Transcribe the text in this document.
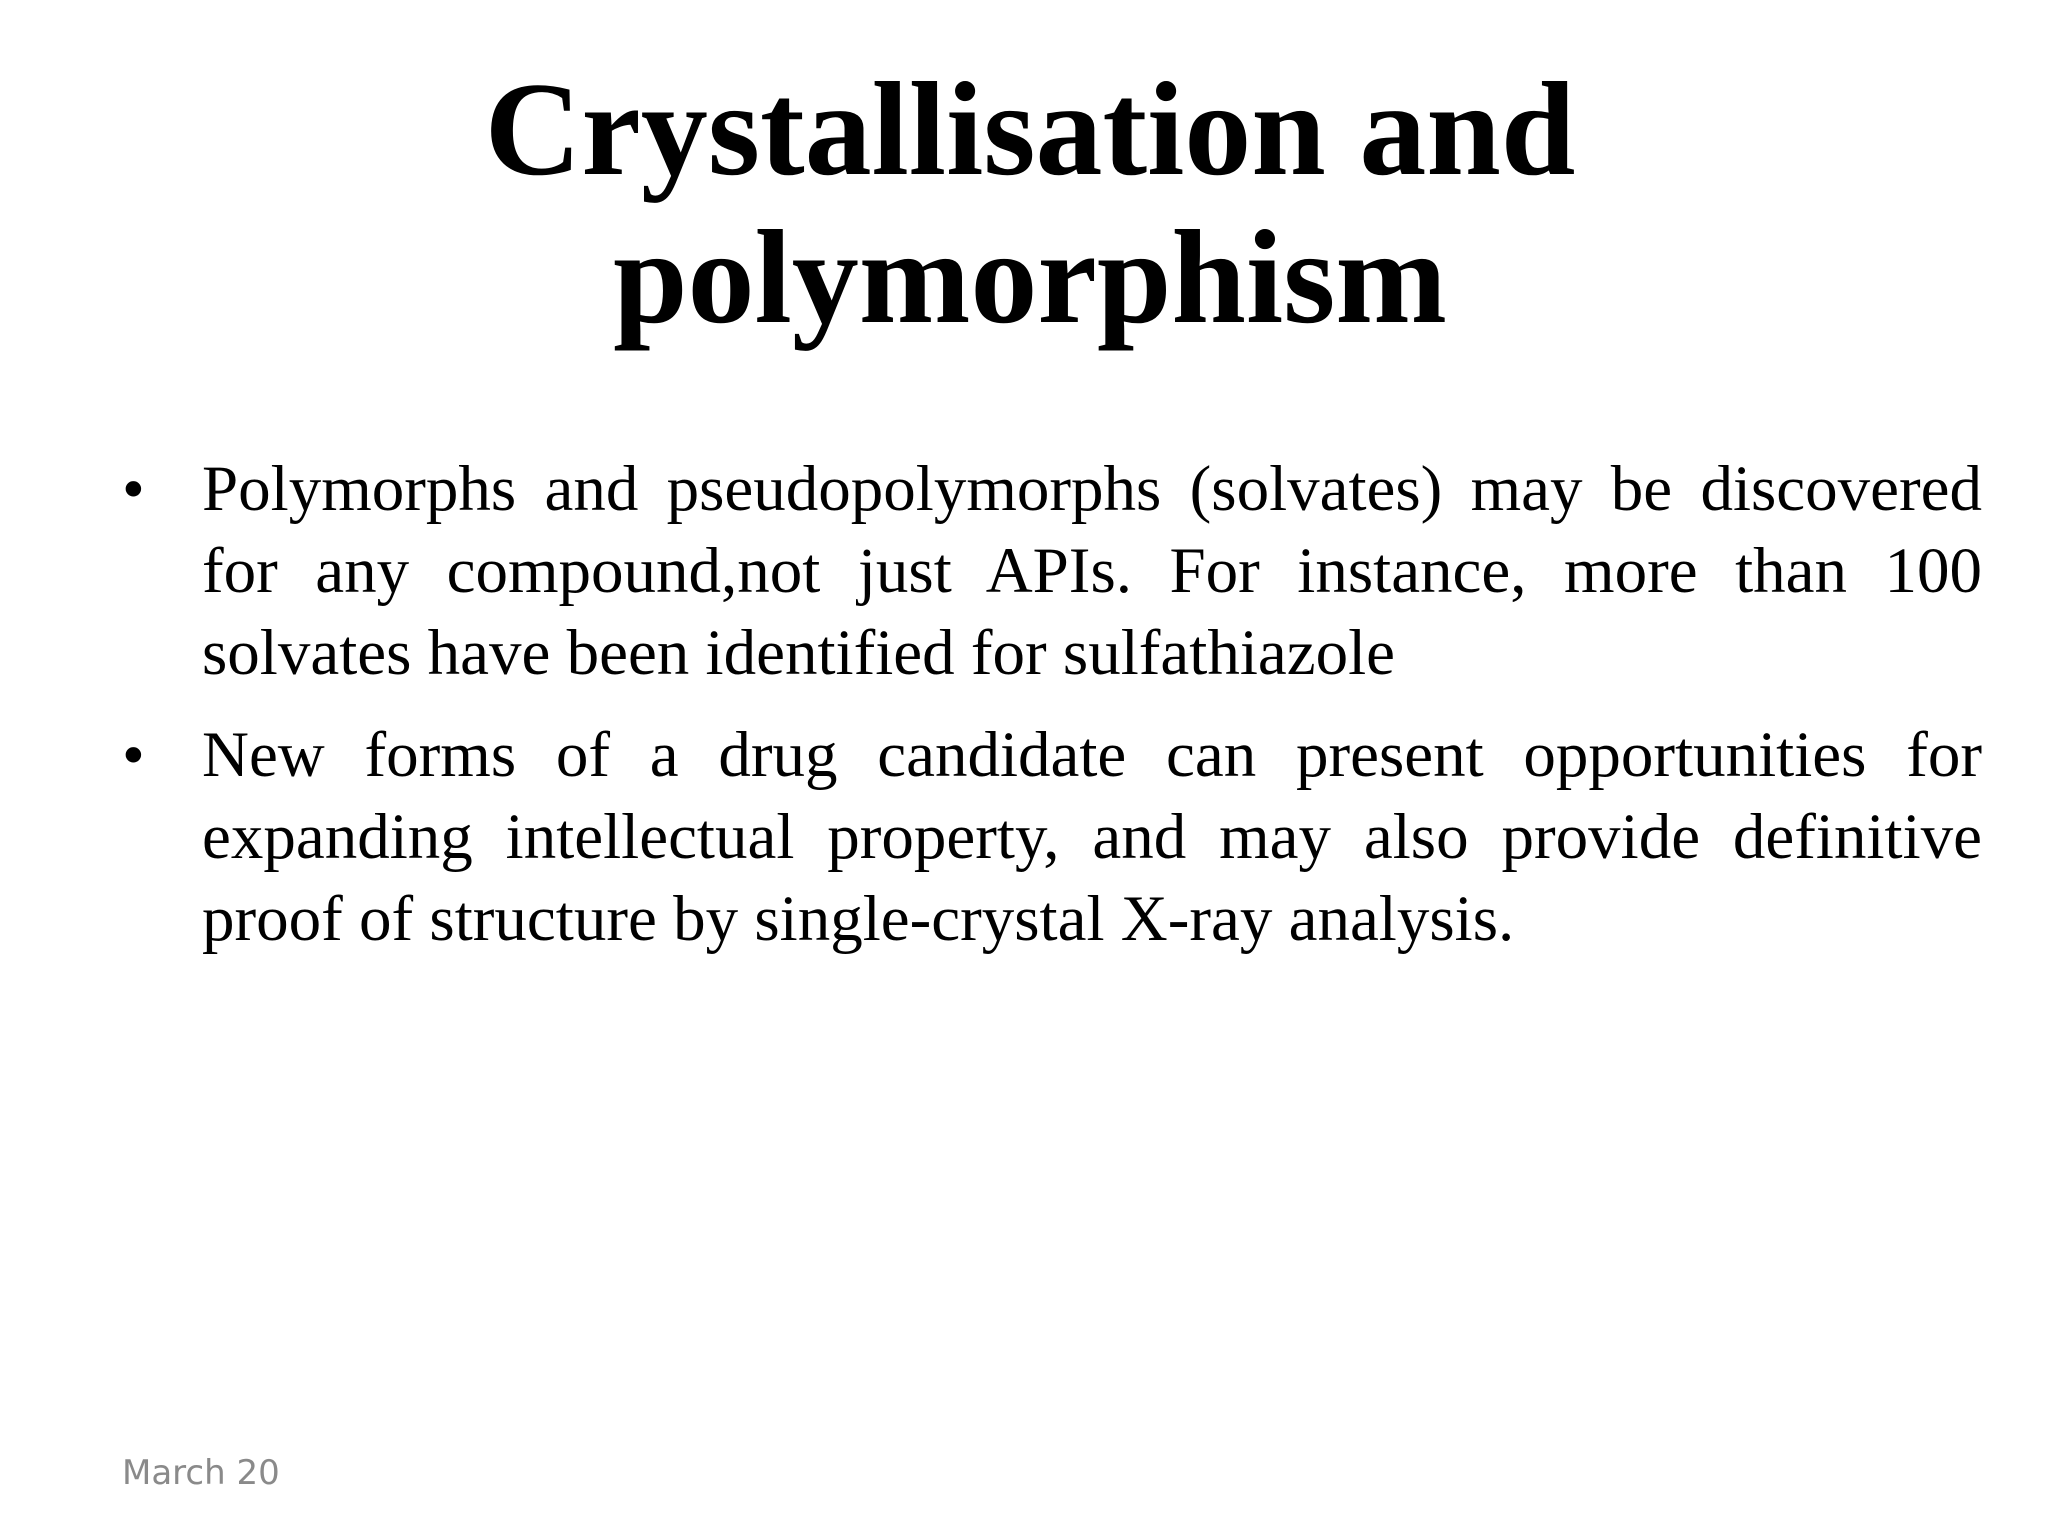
Crystallisation and
polymorphism
• Polymorphs and pseudopolymorphs (solvates) may be discovered for any compound,not just APIs. For instance, more than 100 solvates have been identified for sulfathiazole
• New forms of a drug candidate can present opportunities for expanding intellectual property, and may also provide definitive proof of structure by single-crystal X-ray analysis.
March 20
